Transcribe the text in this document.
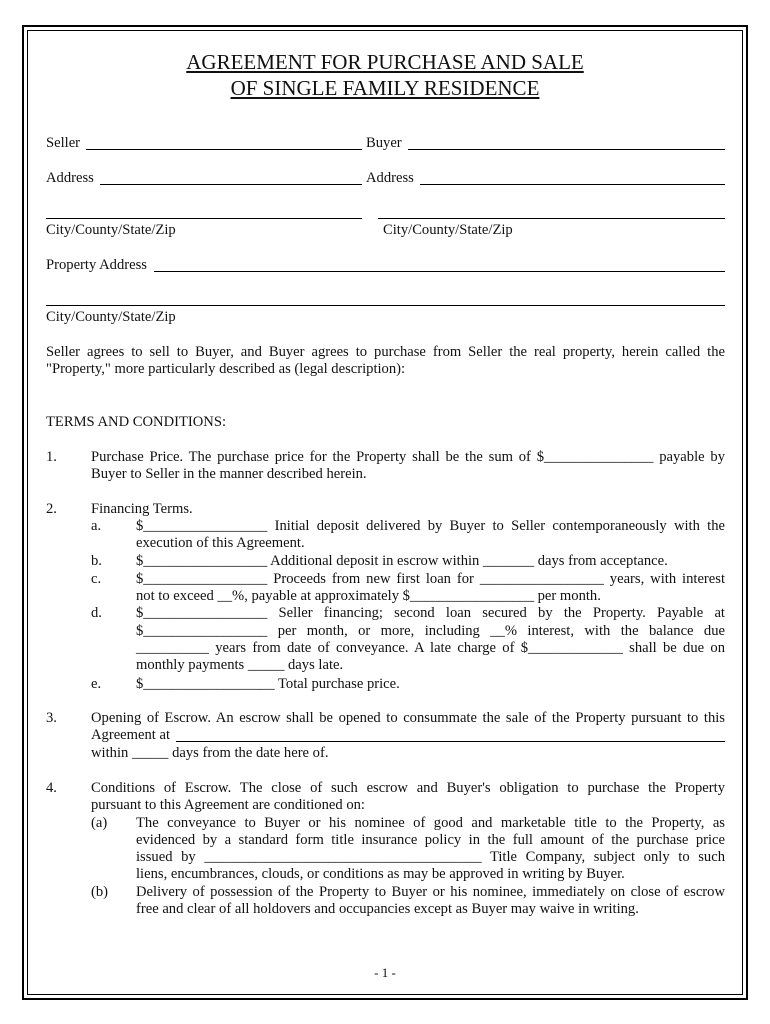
AGREEMENT FOR PURCHASE AND SALE
OF SINGLE FAMILY RESIDENCE
Seller	Buyer
Address	Address
City/County/State/Zip	City/County/State/Zip
Property Address
City/County/State/Zip
Seller agrees to sell to Buyer, and Buyer agrees to purchase from Seller the real property, herein called the
"Property," more particularly described as (legal description):
TERMS AND CONDITIONS:
1. Purchase Price. The purchase price for the Property shall be the sum of $_______________ payable by
Buyer to Seller in the manner described herein.
2. Financing Terms.
a. $_________________ Initial deposit delivered by Buyer to Seller contemporaneously with the
execution of this Agreement.
b. $_________________ Additional deposit in escrow within _______ days from acceptance.
c. $_________________ Proceeds from new first loan for _________________ years, with interest
not to exceed __%, payable at approximately $_________________ per month.
d. $_________________ Seller financing; second loan secured by the Property. Payable at
$_________________ per month, or more, including __% interest, with the balance due
__________ years from date of conveyance. A late charge of $_____________ shall be due on
monthly payments _____ days late.
e. $__________________ Total purchase price.
3. Opening of Escrow. An escrow shall be opened to consummate the sale of the Property pursuant to this
Agreement at
within _____ days from the date here of.
4. Conditions of Escrow. The close of such escrow and Buyer's obligation to purchase the Property
pursuant to this Agreement are conditioned on:
(a) The conveyance to Buyer or his nominee of good and marketable title to the Property, as
evidenced by a standard form title insurance policy in the full amount of the purchase price
issued by ______________________________________ Title Company, subject only to such
liens, encumbrances, clouds, or conditions as may be approved in writing by Buyer.
(b) Delivery of possession of the Property to Buyer or his nominee, immediately on close of escrow
free and clear of all holdovers and occupancies except as Buyer may waive in writing.
- 1 -
